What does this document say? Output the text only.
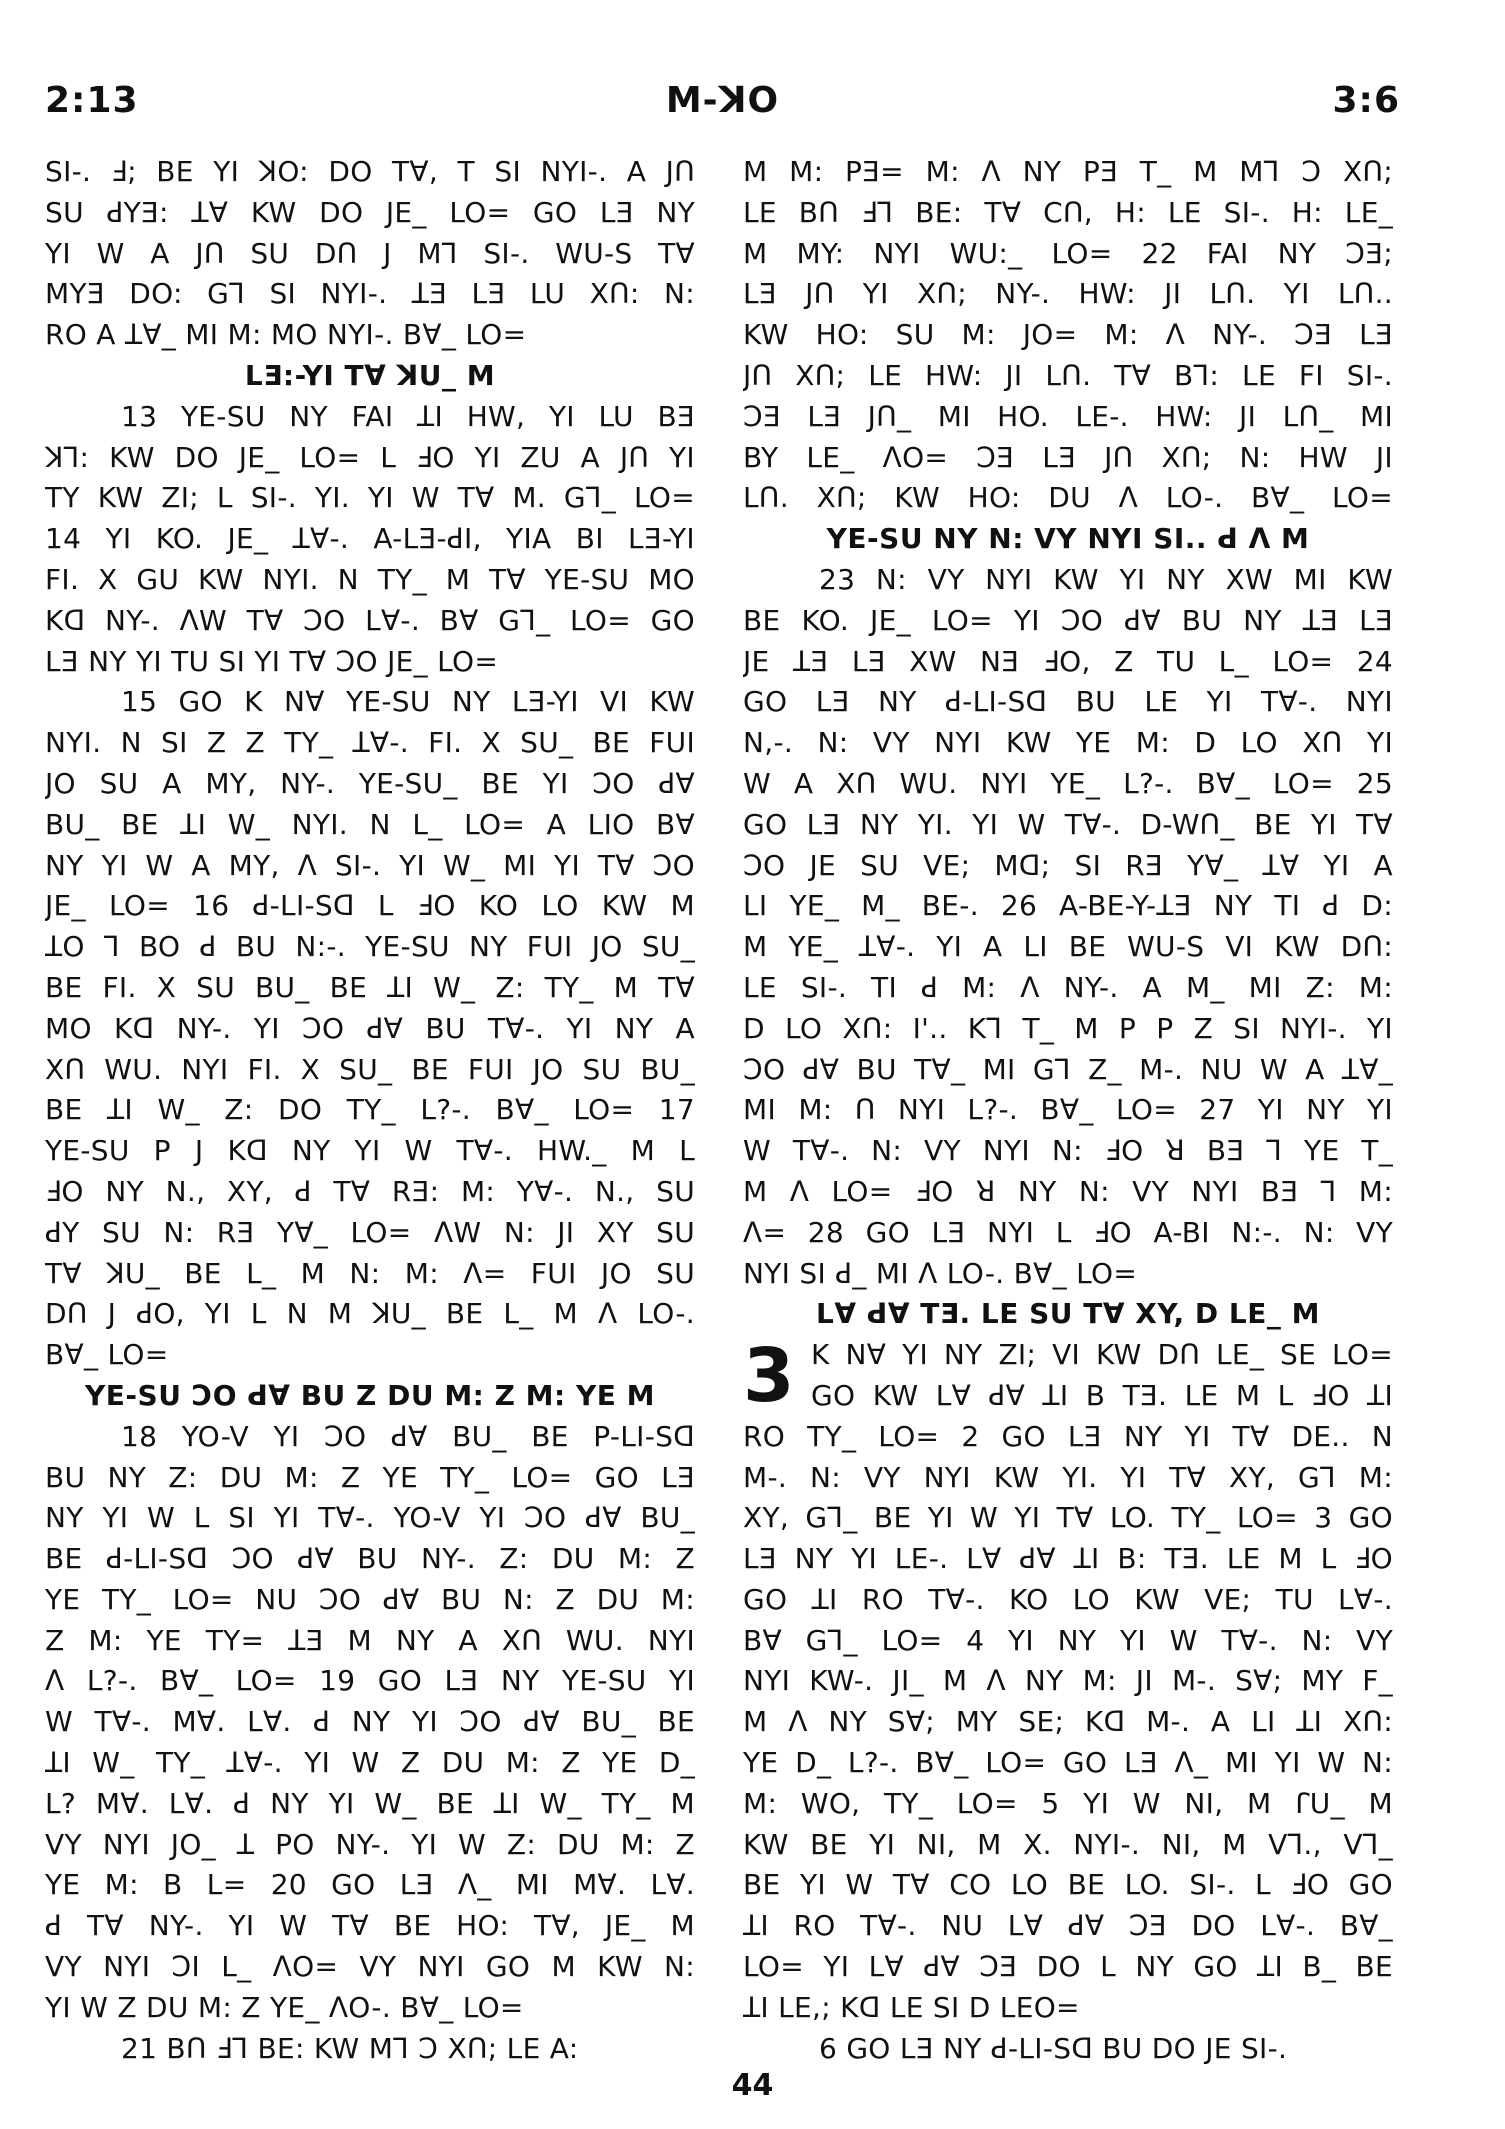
M-ꓘO
2:13	3:6
SI-. Ⅎ; BE YI ꓘO: DO Tꓯ, T SI NYI-. A JՈ
SU ꓒYƎ: ꓕꓯ KW DO JE_ LO= GO LƎ NY
YI W A JՈ SU DՈ J Mꓶ SI-. WU-S Tꓯ
MYƎ DO: Gꓶ SI NYI-. ꓕƎ LƎ LU XՈ: N:
RO A ꓕꓯ_ MI M: MO NYI-. Bꓯ_ LO=
LƎ:-YI Tꓯ ꓘU_ M
13 YE-SU NY FAI ꓕI HW, YI LU BƎ
ꓘꓶ: KW DO JE_ LO= L ꓞO YI ZU A JՈ YI
TY KW ZI; L SI-. YI. YI W Tꓯ M. Gꓶ_ LO=
14 YI KO. JE_ ꓕꓯ-. A-LƎ-ꓒI, YIA BI LƎ-YI
FI. X GU KW NYI. N TY_ M Tꓯ YE-SU MO
Kꓷ NY-. ꓥW Tꓯ ꓛO Lꓯ-. Bꓯ Gꓶ_ LO= GO
LƎ NY YI TU SI YI Tꓯ ꓛO JE_ LO=
15 GO K Nꓯ YE-SU NY LƎ-YI VI KW
NYI. N SI Z Z TY_ ꓕꓯ-. FI. X SU_ BE FUI
JO SU A MY, NY-. YE-SU_ BE YI ꓛO ꓒꓯ
BU_ BE ꓕI W_ NYI. N L_ LO= A LIO Bꓯ
NY YI W A MY, ꓥ SI-. YI W_ MI YI Tꓯ ꓛO
JE_ LO= 16 ꓒ-LI-Sꓷ L ꓞO KO LO KW M
ꓕO ꓶ BO ꓒ BU N:-. YE-SU NY FUI JO SU_
BE FI. X SU BU_ BE ꓕI W_ Z: TY_ M Tꓯ
MO Kꓷ NY-. YI ꓛO ꓒꓯ BU Tꓯ-. YI NY A
XՈ WU. NYI FI. X SU_ BE FUI JO SU BU_
BE ꓕI W_ Z: DO TY_ L?-. Bꓯ_ LO= 17
YE-SU P J Kꓷ NY YI W Tꓯ-. HW._ M L
ꓞO NY N., XY, ꓒ Tꓯ RƎ: M: Yꓯ-. N., SU
ꓒY SU N: RƎ Yꓯ_ LO= ꓥW N: JI XY SU
Tꓯ ꓘU_ BE L_ M N: M: ꓥ= FUI JO SU
DՈ J ꓒO, YI L N M ꓘU_ BE L_ M ꓥ LO-.
Bꓯ_ LO=
YE-SU ꓛO ꓒꓯ BU Z DU M: Z M: YE M
18 YO-V YI ꓛO ꓒꓯ BU_ BE P-LI-Sꓷ
BU NY Z: DU M: Z YE TY_ LO= GO LƎ
NY YI W L SI YI Tꓯ-. YO-V YI ꓛO ꓒꓯ BU_
BE ꓒ-LI-Sꓷ ꓛO ꓒꓯ BU NY-. Z: DU M: Z
YE TY_ LO= NU ꓛO ꓒꓯ BU N: Z DU M:
Z M: YE TY= ꓕƎ M NY A XՈ WU. NYI
ꓥ L?-. Bꓯ_ LO= 19 GO LƎ NY YE-SU YI
W Tꓯ-. Mꓯ. Lꓯ. ꓒ NY YI ꓛO ꓒꓯ BU_ BE
ꓕI W_ TY_ ꓕꓯ-. YI W Z DU M: Z YE D_
L? Mꓯ. Lꓯ. ꓒ NY YI W_ BE ꓕI W_ TY_ M
VY NYI JO_ ꓕ PO NY-. YI W Z: DU M: Z
YE M: B L= 20 GO LƎ ꓥ_ MI Mꓯ. Lꓯ.
ꓒ Tꓯ NY-. YI W Tꓯ BE HO: Tꓯ, JE_ M
VY NYI ꓛI L_ ꓥO= VY NYI GO M KW N:
YI W Z DU M: Z YE_ ꓥO-. Bꓯ_ LO=
21 BՈ ꓞꓶ BE: KW Mꓶ ꓛ XՈ; LE A:
3
M M: PƎ= M: ꓥ NY PƎ T_ M Mꓶ ꓛ XՈ;
LE BՈ ꓞꓶ BE: Tꓯ CՈ, H: LE SI-. H: LE_
M MY: NYI WU:_ LO= 22 FAI NY ꓛƎ;
LƎ JՈ YI XՈ; NY-. HW: JI LՈ. YI LՈ..
KW HO: SU M: JO= M: ꓥ NY-. ꓛƎ LƎ
JՈ XՈ; LE HW: JI LՈ. Tꓯ Bꓶ: LE FI SI-.
ꓛƎ LƎ JՈ_ MI HO. LE-. HW: JI LՈ_ MI
BY LE_ ꓥO= ꓛƎ LƎ JՈ XՈ; N: HW JI
LՈ. XՈ; KW HO: DU ꓥ LO-. Bꓯ_ LO=
YE-SU NY N: VY NYI SI.. ꓒ ꓥ M
23 N: VY NYI KW YI NY XW MI KW
BE KO. JE_ LO= YI ꓛO ꓒꓯ BU NY ꓕƎ LƎ
JE ꓕƎ LƎ XW NƎ ꓞO, Z TU L_ LO= 24
GO LƎ NY ꓒ-LI-Sꓷ BU LE YI Tꓯ-. NYI
N,-. N: VY NYI KW YE M: D LO XՈ YI
W A XՈ WU. NYI YE_ L?-. Bꓯ_ LO= 25
GO LƎ NY YI. YI W Tꓯ-. D-WՈ_ BE YI Tꓯ
ꓛO JE SU VE; Mꓷ; SI RƎ Yꓯ_ ꓕꓯ YI A
LI YE_ M_ BE-. 26 A-BE-Y-ꓕƎ NY TI ꓒ D:
M YE_ ꓕꓯ-. YI A LI BE WU-S VI KW DՈ:
LE SI-. TI ꓒ M: ꓥ NY-. A M_ MI Z: M:
D LO XՈ: I'.. Kꓶ T_ M P P Z SI NYI-. YI
ꓛO ꓒꓯ BU Tꓯ_ MI Gꓶ Z_ M-. NU W A ꓕꓯ_
MI M: Ո NYI L?-. Bꓯ_ LO= 27 YI NY YI
W Tꓯ-. N: VY NYI N: ꓞO ꓤ BƎ ꓶ YE T_
M ꓥ LO= ꓞO ꓤ NY N: VY NYI BƎ ꓶ M:
ꓥ= 28 GO LƎ NYI L ꓞO A-BI N:-. N: VY
NYI SI ꓒ_ MI ꓥ LO-. Bꓯ_ LO=
Lꓯ ꓒꓯ TƎ. LE SU Tꓯ XY, D LE_ M
K Nꓯ YI NY ZI; VI KW DՈ LE_ SE LO=
GO KW Lꓯ ꓒꓯ ꓕI B TƎ. LE M L ꓞO ꓕI
RO TY_ LO= 2 GO LƎ NY YI Tꓯ DE.. N
M-. N: VY NYI KW YI. YI Tꓯ XY, Gꓶ M:
XY, Gꓶ_ BE YI W YI Tꓯ LO. TY_ LO= 3 GO
LƎ NY YI LE-. Lꓯ ꓒꓯ ꓕI B: TƎ. LE M L ꓞO
GO ꓕI RO Tꓯ-. KO LO KW VE; TU Lꓯ-.
Bꓯ Gꓶ_ LO= 4 YI NY YI W Tꓯ-. N: VY
NYI KW-. JI_ M ꓥ NY M: JI M-. Sꓯ; MY F_
M ꓥ NY Sꓯ; MY SE; Kꓷ M-. A LI ꓕI XՈ:
YE D_ L?-. Bꓯ_ LO= GO LƎ ꓥ_ MI YI W N:
M: WO, TY_ LO= 5 YI W NI, M ꓩU_ M
KW BE YI NI, M X. NYI-. NI, M Vꓶ., Vꓶ_
BE YI W Tꓯ CO LO BE LO. SI-. L ꓞO GO
ꓕI RO Tꓯ-. NU Lꓯ ꓒꓯ ꓛƎ DO Lꓯ-. Bꓯ_
LO= YI Lꓯ ꓒꓯ ꓛƎ DO L NY GO ꓕI B_ BE
ꓕI LE,; Kꓷ LE SI D LEO=
6 GO LƎ NY ꓒ-LI-Sꓷ BU DO JE SI-.
44
